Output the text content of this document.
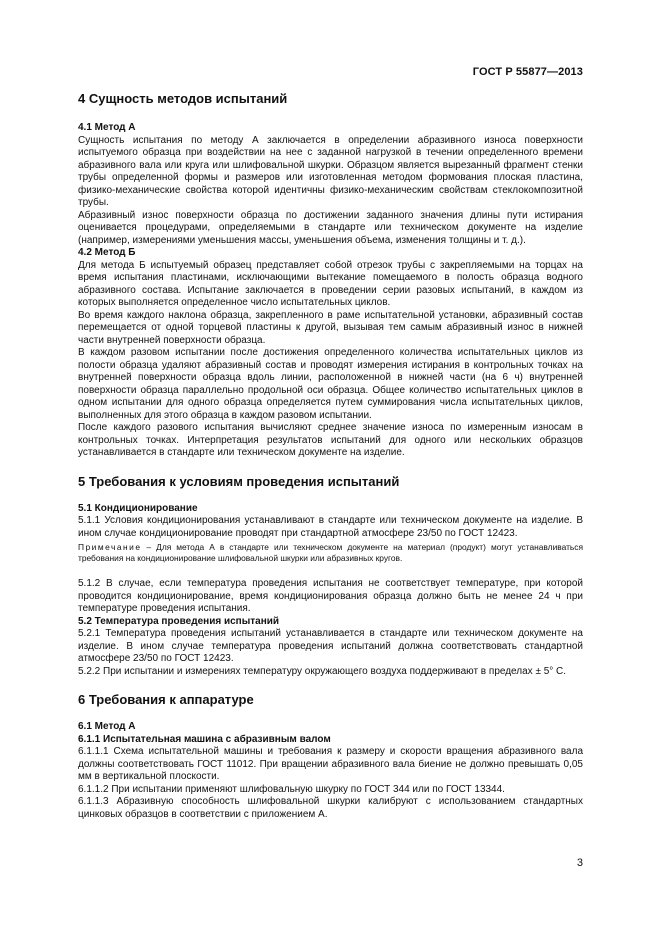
ГОСТ Р 55877—2013
4 Сущность методов испытаний
4.1 Метод А

Сущность испытания по методу А заключается в определении абразивного износа поверхности испытуемого образца при воздействии на нее с заданной нагрузкой в течении определенного времени абразивного вала или круга или шлифовальной шкурки. Образцом является вырезанный фрагмент стенки трубы определенной формы и размеров или изготовленная методом формования плоская пластина, физико-механические свойства которой идентичны физико-механическим свойствам стеклокомпозитной трубы.

Абразивный износ поверхности образца по достижении заданного значения длины пути истирания оценивается процедурами, определяемыми в стандарте или техническом документе на изделие (например, измерениями уменьшения массы, уменьшения объема, изменения толщины и т. д.).

4.2 Метод Б

Для метода Б испытуемый образец представляет собой отрезок трубы с закрепляемыми на торцах на время испытания пластинами, исключающими вытекание помещаемого в полость образца водного абразивного состава. Испытание заключается в проведении серии разовых испытаний, в каждом из которых выполняется определенное число испытательных циклов.

Во время каждого наклона образца, закрепленного в раме испытательной установки, абразивный состав перемещается от одной торцевой пластины к другой, вызывая тем самым абразивный износ в нижней части внутренней поверхности образца.

В каждом разовом испытании после достижения определенного количества испытательных циклов из полости образца удаляют абразивный состав и проводят измерения истирания в контрольных точках на внутренней поверхности образца вдоль линии, расположенной в нижней части (на 6 ч) внутренней поверхности образца параллельно продольной оси образца. Общее количество испытательных циклов в одном испытании для одного образца определяется путем суммирования числа испытательных циклов, выполненных для этого образца в каждом разовом испытании.

После каждого разового испытания вычисляют среднее значение износа по измеренным износам в контрольных точках. Интерпретация результатов испытаний для одного или нескольких образцов устанавливается в стандарте или техническом документе на изделие.

5 Требования к условиям проведения испытаний
5.1 Кондиционирование

5.1.1 Условия кондиционирования устанавливают в стандарте или техническом документе на изделие. В ином случае кондиционирование проводят при стандартной атмосфере 23/50 по ГОСТ 12423.

Примечание – Для метода А в стандарте или техническом документе на материал (продукт) могут устанавливаться требования на кондиционирование шлифовальной шкурки или абразивных кругов.

5.1.2 В случае, если температура проведения испытания не соответствует температуре, при которой проводится кондиционирование, время кондиционирования образца должно быть не менее 24 ч при температуре проведения испытания.

5.2 Температура проведения испытаний

5.2.1 Температура проведения испытаний устанавливается в стандарте или техническом документе на изделие. В ином случае температура проведения испытаний должна соответствовать стандартной атмосфере 23/50 по ГОСТ 12423.

5.2.2 При испытании и измерениях температуру окружающего воздуха поддерживают в пределах ± 5° С.

6 Требования к аппаратуре
6.1 Метод А
6.1.1 Испытательная машина с абразивным валом

6.1.1.1 Схема испытательной машины и требования к размеру и скорости вращения абразивного вала должны соответствовать ГОСТ 11012. При вращении абразивного вала биение не должно превышать 0,05 мм в вертикальной плоскости.

6.1.1.2 При испытании применяют шлифовальную шкурку по ГОСТ 344 или по ГОСТ 13344.

6.1.1.3 Абразивную способность шлифовальной шкурки калибруют с использованием стандартных цинковых образцов в соответствии с приложением А.

3
